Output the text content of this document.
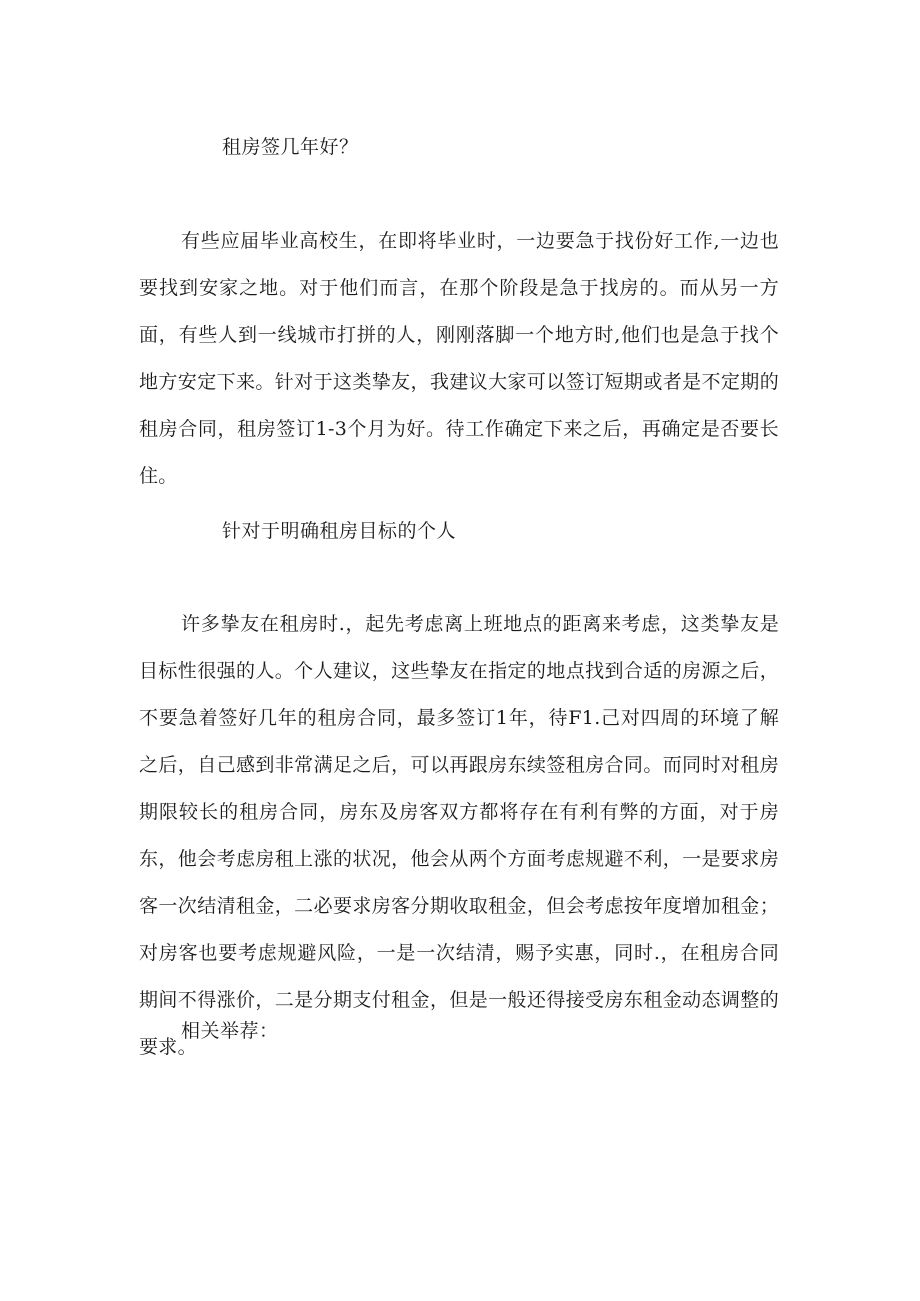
租房签几年好？

有些应届毕业高校生，在即将毕业时，一边要急于找份好工作,一边也要找到安家之地。对于他们而言，在那个阶段是急于找房的。而从另一方面，有些人到一线城市打拼的人，刚刚落脚一个地方时,他们也是急于找个地方安定下来。针对于这类挚友，我建议大家可以签订短期或者是不定期的租房合同，租房签订1-3个月为好。待工作确定下来之后，再确定是否要长住。

针对于明确租房目标的个人

许多挚友在租房时.，起先考虑离上班地点的距离来考虑，这类挚友是目标性很强的人。个人建议，这些挚友在指定的地点找到合适的房源之后，不要急着签好几年的租房合同，最多签订1年，待F1.己对四周的环境了解之后，自己感到非常满足之后，可以再跟房东续签租房合同。而同时对租房期限较长的租房合同，房东及房客双方都将存在有利有弊的方面，对于房东，他会考虑房租上涨的状况，他会从两个方面考虑规避不利，一是要求房客一次结清租金，二必要求房客分期收取租金，但会考虑按年度增加租金；对房客也要考虑规避风险，一是一次结清，赐予实惠，同时.，在租房合同期间不得涨价，二是分期支付租金，但是一般还得接受房东租金动态调整的要求。

相关举荐：
